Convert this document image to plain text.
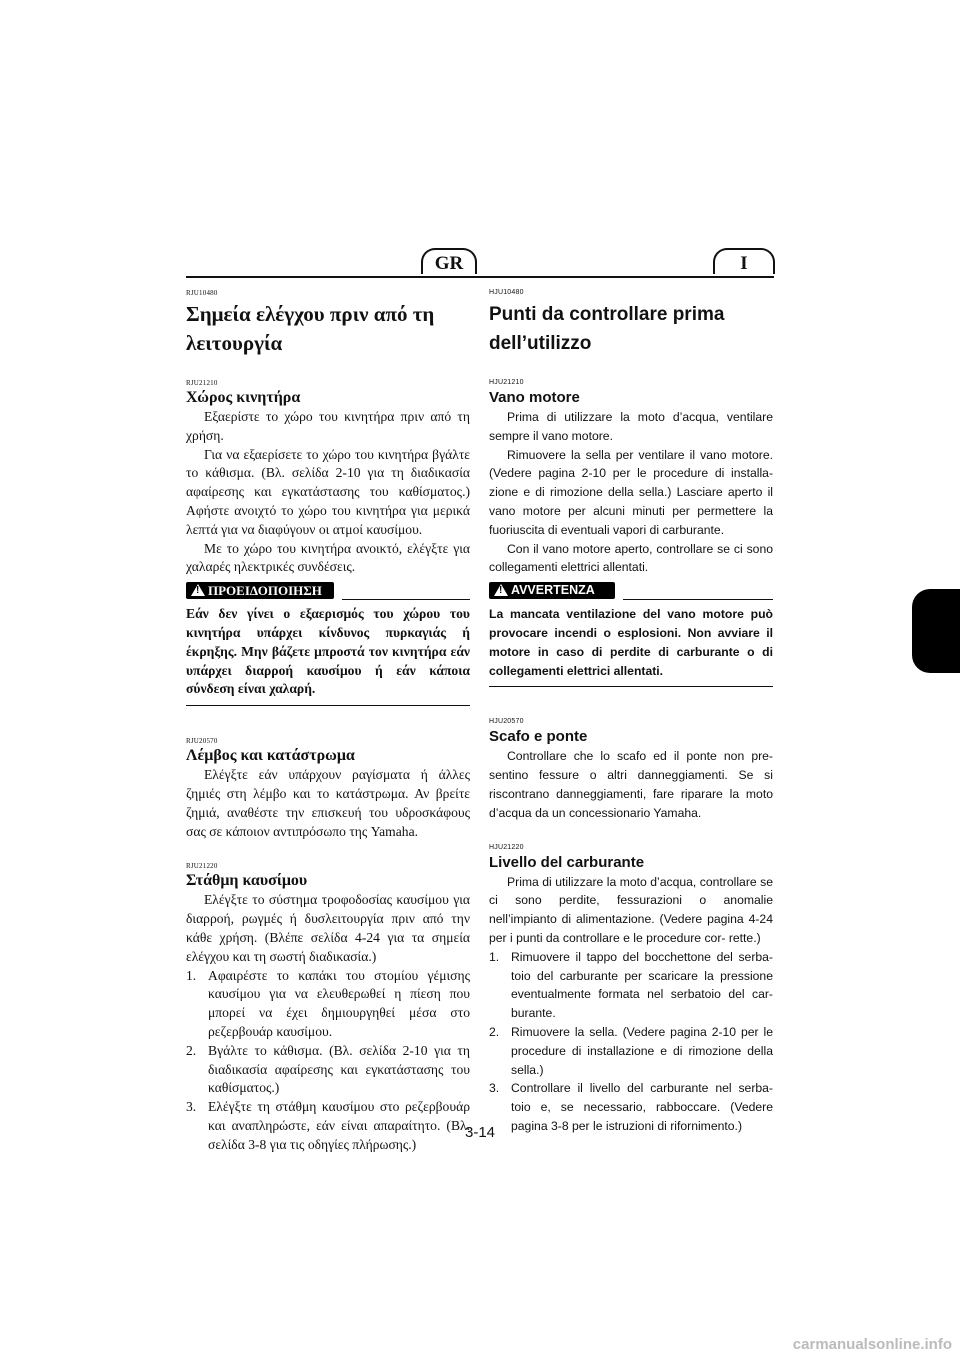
GR	I
RJU10480
Σημεία ελέγχου πριν από τη λειτουργία
RJU21210
Χώρος κινητήρα

Εξαερίστε το χώρο του κινητήρα πριν από τη χρήση.

Για να εξαερίσετε το χώρο του κινητήρα βγάλτε το κάθισμα. (Βλ. σελίδα 2-10 για τη διαδικασία αφαίρεσης και εγκατάστασης του καθίσματος.) Αφήστε ανοιχτό το χώρο του κινητήρα για μερικά λεπτά για να διαφύγουν οι ατμοί καυσίμου.

Με το χώρο του κινητήρα ανοικτό, ελέγξτε για χαλαρές ηλεκτρικές συνδέσεις.

!
ΠΡΟΕΙΔΟΠΟΙΗΣΗ
Εάν δεν γίνει ο εξαερισμός του χώρου του κινητήρα υπάρχει κίνδυνος πυρκαγιάς ή έκρηξης. Μην βάζετε μπροστά τον κινητήρα εάν υπάρχει διαρροή καυσίμου ή εάν κάποια σύνδεση είναι χαλαρή.
RJU20570
Λέμβος και κατάστρωμα

Ελέγξτε εάν υπάρχουν ραγίσματα ή άλλες ζημιές στη λέμβο και το κατάστρωμα. Αν βρείτε ζημιά, αναθέστε την επισκευή του υδροσκάφους σας σε κάποιον αντιπρόσωπο της Yamaha.

RJU21220
Στάθμη καυσίμου

Ελέγξτε το σύστημα τροφοδοσίας καυσίμου για διαρροή, ρωγμές ή δυσλειτουργία πριν από την κάθε χρήση. (Βλέπε σελίδα 4-24 για τα σημεία ελέγχου και τη σωστή διαδικασία.)

1. Αφαιρέστε το καπάκι του στομίου γέμισης καυσίμου για να ελευθερωθεί η πίεση που μπορεί να έχει δημιουργηθεί μέσα στο ρεζερβουάρ καυσίμου.
2. Βγάλτε το κάθισμα. (Βλ. σελίδα 2-10 για τη διαδικασία αφαίρεσης και εγκατάστασης του καθίσματος.)
3. Ελέγξτε τη στάθμη καυσίμου στο ρεζερβουάρ και αναπληρώστε, εάν είναι απαραίτητο. (Βλ. σελίδα 3-8 για τις οδηγίες πλήρωσης.)
HJU10480
Punti da controllare prima dell’utilizzo
HJU21210
Vano motore

Prima di utilizzare la moto d’acqua, ventilare sempre il vano motore.

Rimuovere la sella per ventilare il vano motore. (Vedere pagina 2-10 per le procedure di installa- zione e di rimozione della sella.) Lasciare aperto il vano motore per alcuni minuti per permettere la fuoriuscita di eventuali vapori di carburante.

Con il vano motore aperto, controllare se ci sono collegamenti elettrici allentati.

!
AVVERTENZA
La mancata ventilazione del vano motore può provocare incendi o esplosioni. Non avviare il motore in caso di perdite di carburante o di collegamenti elettrici allentati.
HJU20570
Scafo e ponte

Controllare che lo scafo ed il ponte non pre- sentino fessure o altri danneggiamenti. Se si riscontrano danneggiamenti, fare riparare la moto d’acqua da un concessionario Yamaha.

HJU21220
Livello del carburante

Prima di utilizzare la moto d’acqua, controllare se ci sono perdite, fessurazioni o anomalie nell’impianto di alimentazione. (Vedere pagina 4-24 per i punti da controllare e le procedure cor- rette.)

1. Rimuovere il tappo del bocchettone del serba- toio del carburante per scaricare la pressione eventualmente formata nel serbatoio del car- burante.
2. Rimuovere la sella. (Vedere pagina 2-10 per le procedure di installazione e di rimozione della sella.)
3. Controllare il livello del carburante nel serba- toio e, se necessario, rabboccare. (Vedere pagina 3-8 per le istruzioni di rifornimento.)
3-14
carmanualsonline.info
